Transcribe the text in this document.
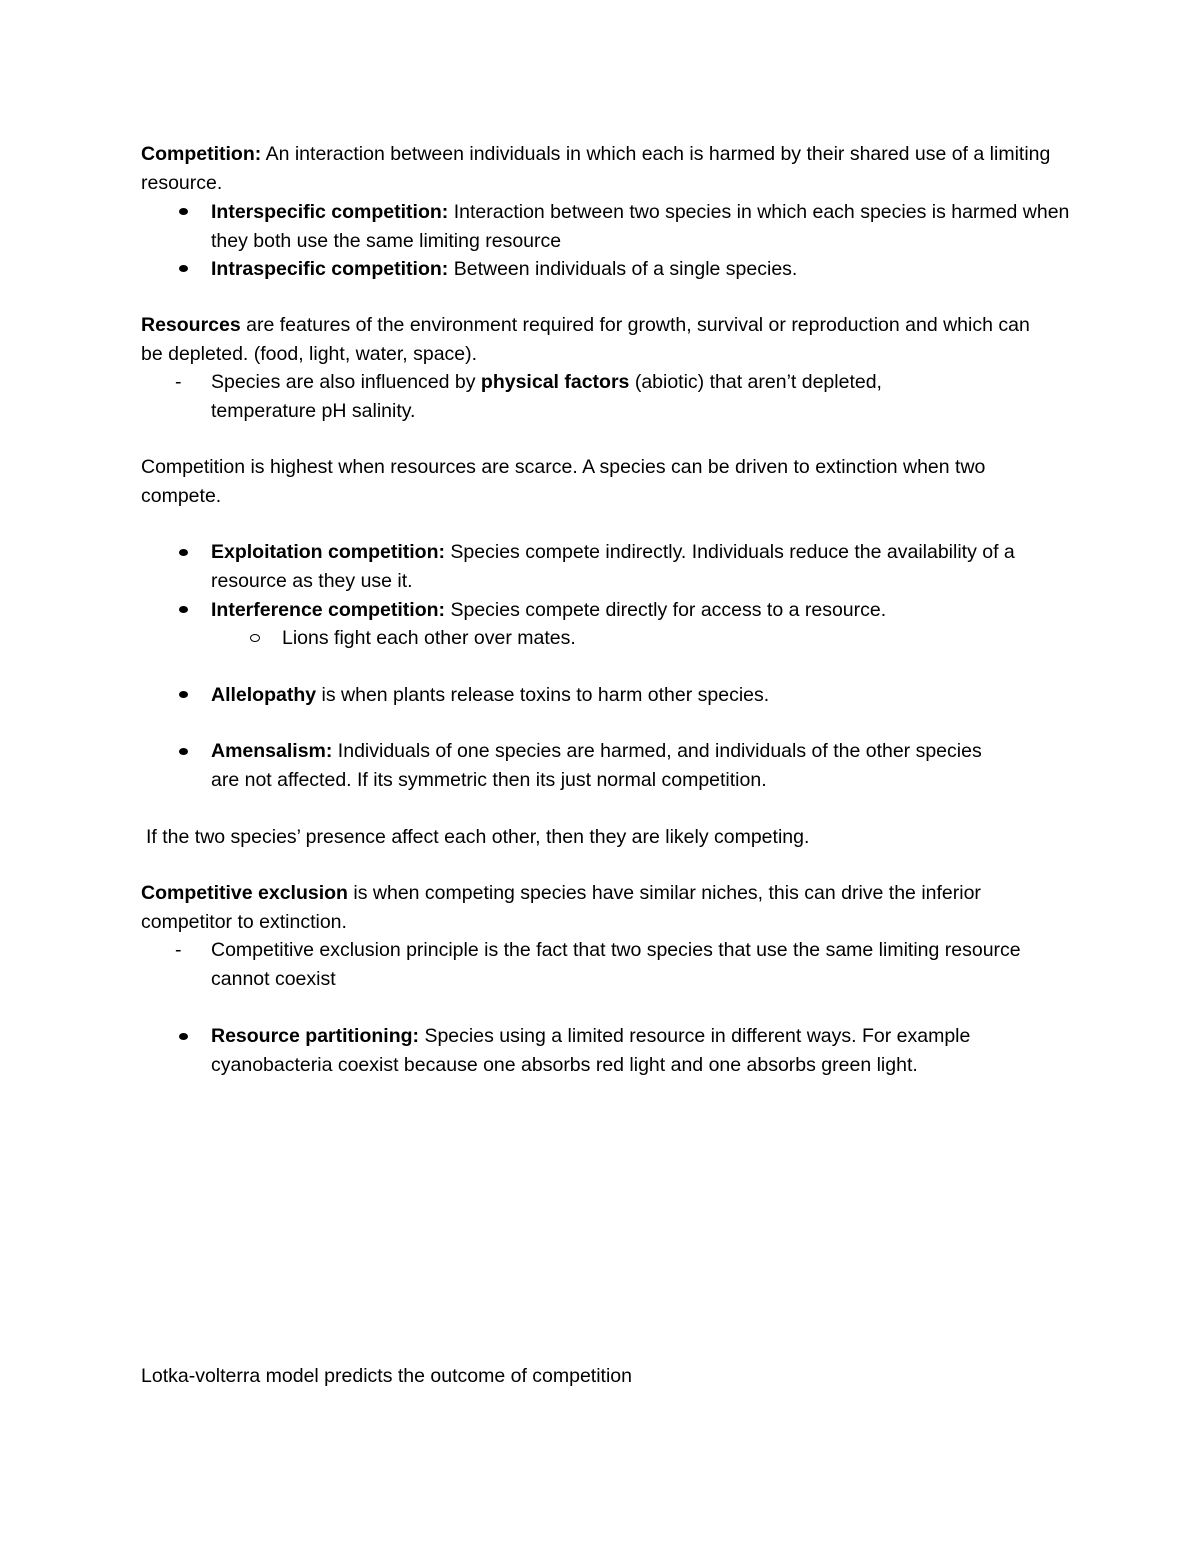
Competition: An interaction between individuals in which each is harmed by their shared use of a limiting resource.

Interspecific competition: Interaction between two species in which each species is harmed when they both use the same limiting resource

Intraspecific competition: Between individuals of a single species.

Resources are features of the environment required for growth, survival or reproduction and which can be depleted. (food, light, water, space).

- Species are also influenced by physical factors (abiotic) that aren’t depleted, temperature pH salinity.

Competition is highest when resources are scarce. A species can be driven to extinction when two compete.

Exploitation competition: Species compete indirectly. Individuals reduce the availability of a resource as they use it.

Interference competition: Species compete directly for access to a resource.

Lions fight each other over mates.

Allelopathy is when plants release toxins to harm other species.

Amensalism: Individuals of one species are harmed, and individuals of the other species are not affected. If its symmetric then its just normal competition.

If the two species’ presence affect each other, then they are likely competing.

Competitive exclusion is when competing species have similar niches, this can drive the inferior competitor to extinction.

- Competitive exclusion principle is the fact that two species that use the same limiting resource cannot coexist

Resource partitioning: Species using a limited resource in different ways. For example cyanobacteria coexist because one absorbs red light and one absorbs green light.

Lotka-volterra model predicts the outcome of competition
